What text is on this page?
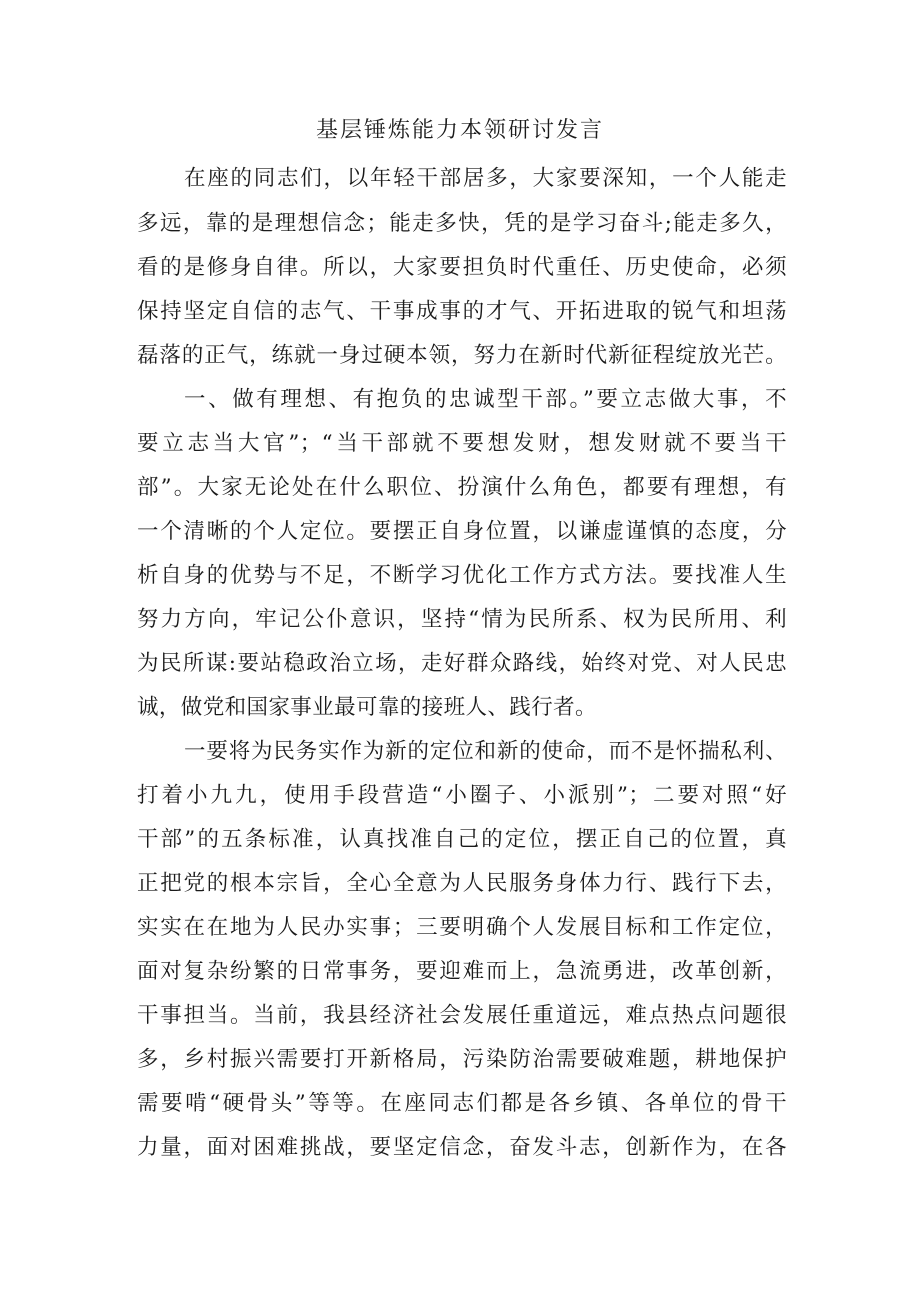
基层锤炼能力本领研讨发言
在座的同志们，以年轻干部居多，大家要深知，一个人能走
多远，靠的是理想信念；能走多快，凭的是学习奋斗;能走多久，
看的是修身自律。所以，大家要担负时代重任、历史使命，必须
保持坚定自信的志气、干事成事的才气、开拓进取的锐气和坦荡
磊落的正气，练就一身过硬本领，努力在新时代新征程绽放光芒。
一、做有理想、有抱负的忠诚型干部。”要立志做大事，不
要立志当大官”；“当干部就不要想发财，想发财就不要当干
部”。大家无论处在什么职位、扮演什么角色，都要有理想，有
一个清晰的个人定位。要摆正自身位置，以谦虚谨慎的态度，分
析自身的优势与不足，不断学习优化工作方式方法。要找准人生
努力方向，牢记公仆意识，坚持“情为民所系、权为民所用、利
为民所谋:要站稳政治立场，走好群众路线，始终对党、对人民忠
诚，做党和国家事业最可靠的接班人、践行者。
一要将为民务实作为新的定位和新的使命，而不是怀揣私利、
打着小九九，使用手段营造“小圈子、小派别”；二要对照“好
干部”的五条标准，认真找准自己的定位，摆正自己的位置，真
正把党的根本宗旨，全心全意为人民服务身体力行、践行下去，
实实在在地为人民办实事；三要明确个人发展目标和工作定位，
面对复杂纷繁的日常事务，要迎难而上，急流勇进，改革创新，
干事担当。当前，我县经济社会发展任重道远，难点热点问题很
多，乡村振兴需要打开新格局，污染防治需要破难题，耕地保护
需要啃“硬骨头”等等。在座同志们都是各乡镇、各单位的骨干
力量，面对困难挑战，要坚定信念，奋发斗志，创新作为，在各
